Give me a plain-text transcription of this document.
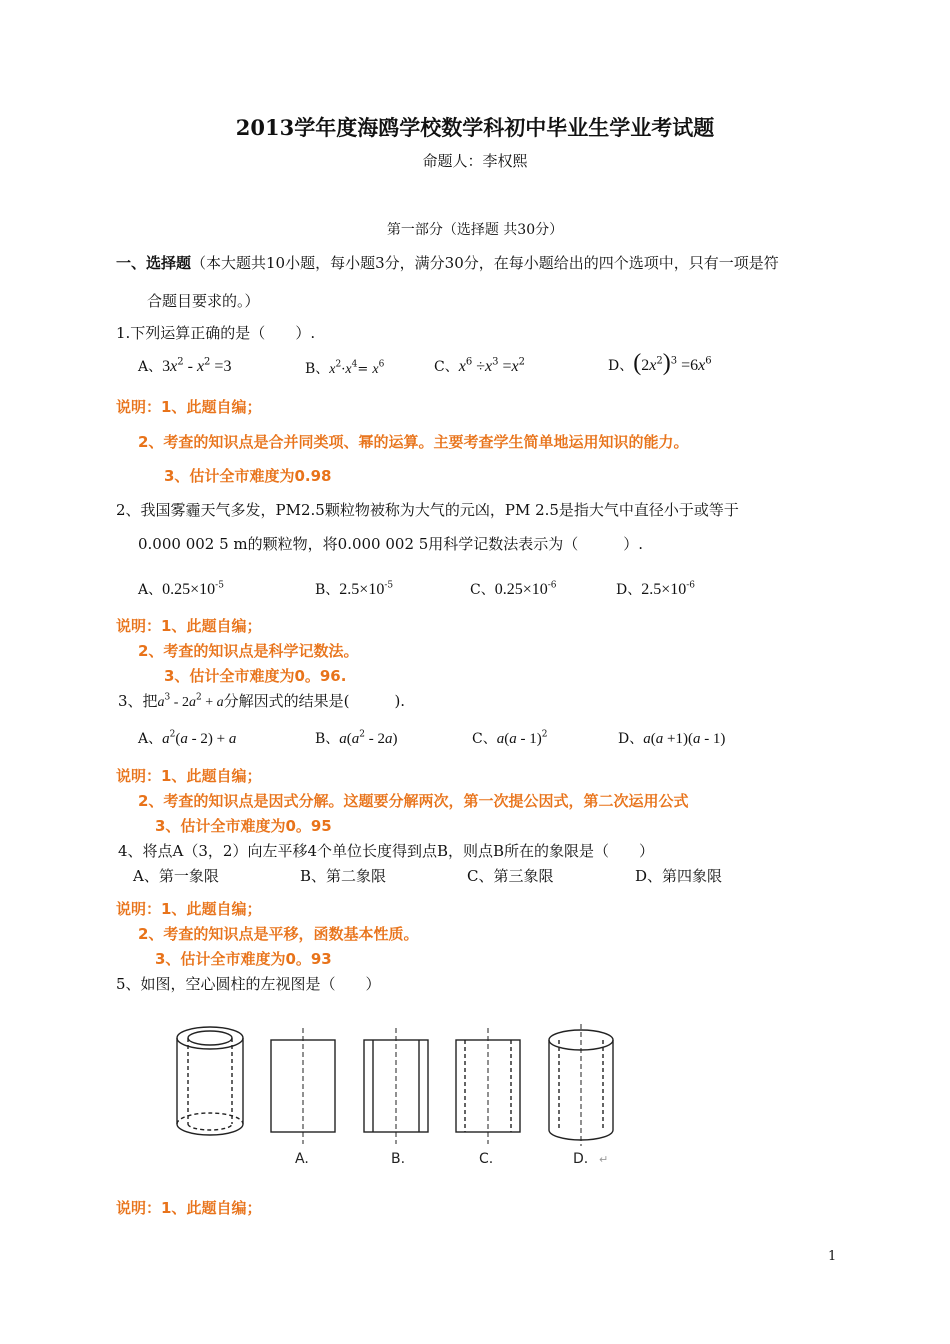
2013学年度海鸥学校数学科初中毕业生学业考试题
命题人：李权熙
第一部分（选择题 共30分）
一、选择题（本大题共10小题，每小题3分，满分30分，在每小题给出的四个选项中，只有一项是符
合题目要求的。）
1.下列运算正确的是（　　）.
A、$3x^2 - x^2 =3$	B、$x^2\cdot x^4= x^6$	C、$x^6 \div x^3 =x^2$	D、$(2x^2)^3 =6x^6$
说明：1、此题自编；
2、考查的知识点是合并同类项、幂的运算。主要考查学生简单地运用知识的能力。
3、估计全市难度为0.98
2、我国雾霾天气多发，PM2.5颗粒物被称为大气的元凶，PM 2.5是指大气中直径小于或等于
0.000 002 5 m的颗粒物，将0.000 002 5用科学记数法表示为（　　　）.
A、$0.25\times 10^{-5}$	B、$2.5\times 10^{-5}$	C、$0.25\times 10^{-6}$	D、$2.5\times 10^{-6}$
说明：1、此题自编；
2、考查的知识点是科学记数法。
3、估计全市难度为0。96.
3、把$a^3 - 2a^2 + a$分解因式的结果是(　　　).
A、$a^2(a - 2) + a$	B、$a(a^2 - 2a)$	C、a(a - 1)$^2$	D、a(a +1)(a - 1)
说明：1、此题自编；
2、考查的知识点是因式分解。这题要分解两次，第一次提公因式，第二次运用公式
3、估计全市难度为0。95
4、将点A（3，2）向左平移4个单位长度得到点B，则点B所在的象限是（　　）
A、第一象限	B、第二象限	C、第三象限	D、第四象限
说明：1、此题自编；
2、考查的知识点是平移，函数基本性质。
3、估计全市难度为0。93
5、如图，空心圆柱的左视图是（　　）
A.	B.	C.	D. ↵
说明：1、此题自编；
1
